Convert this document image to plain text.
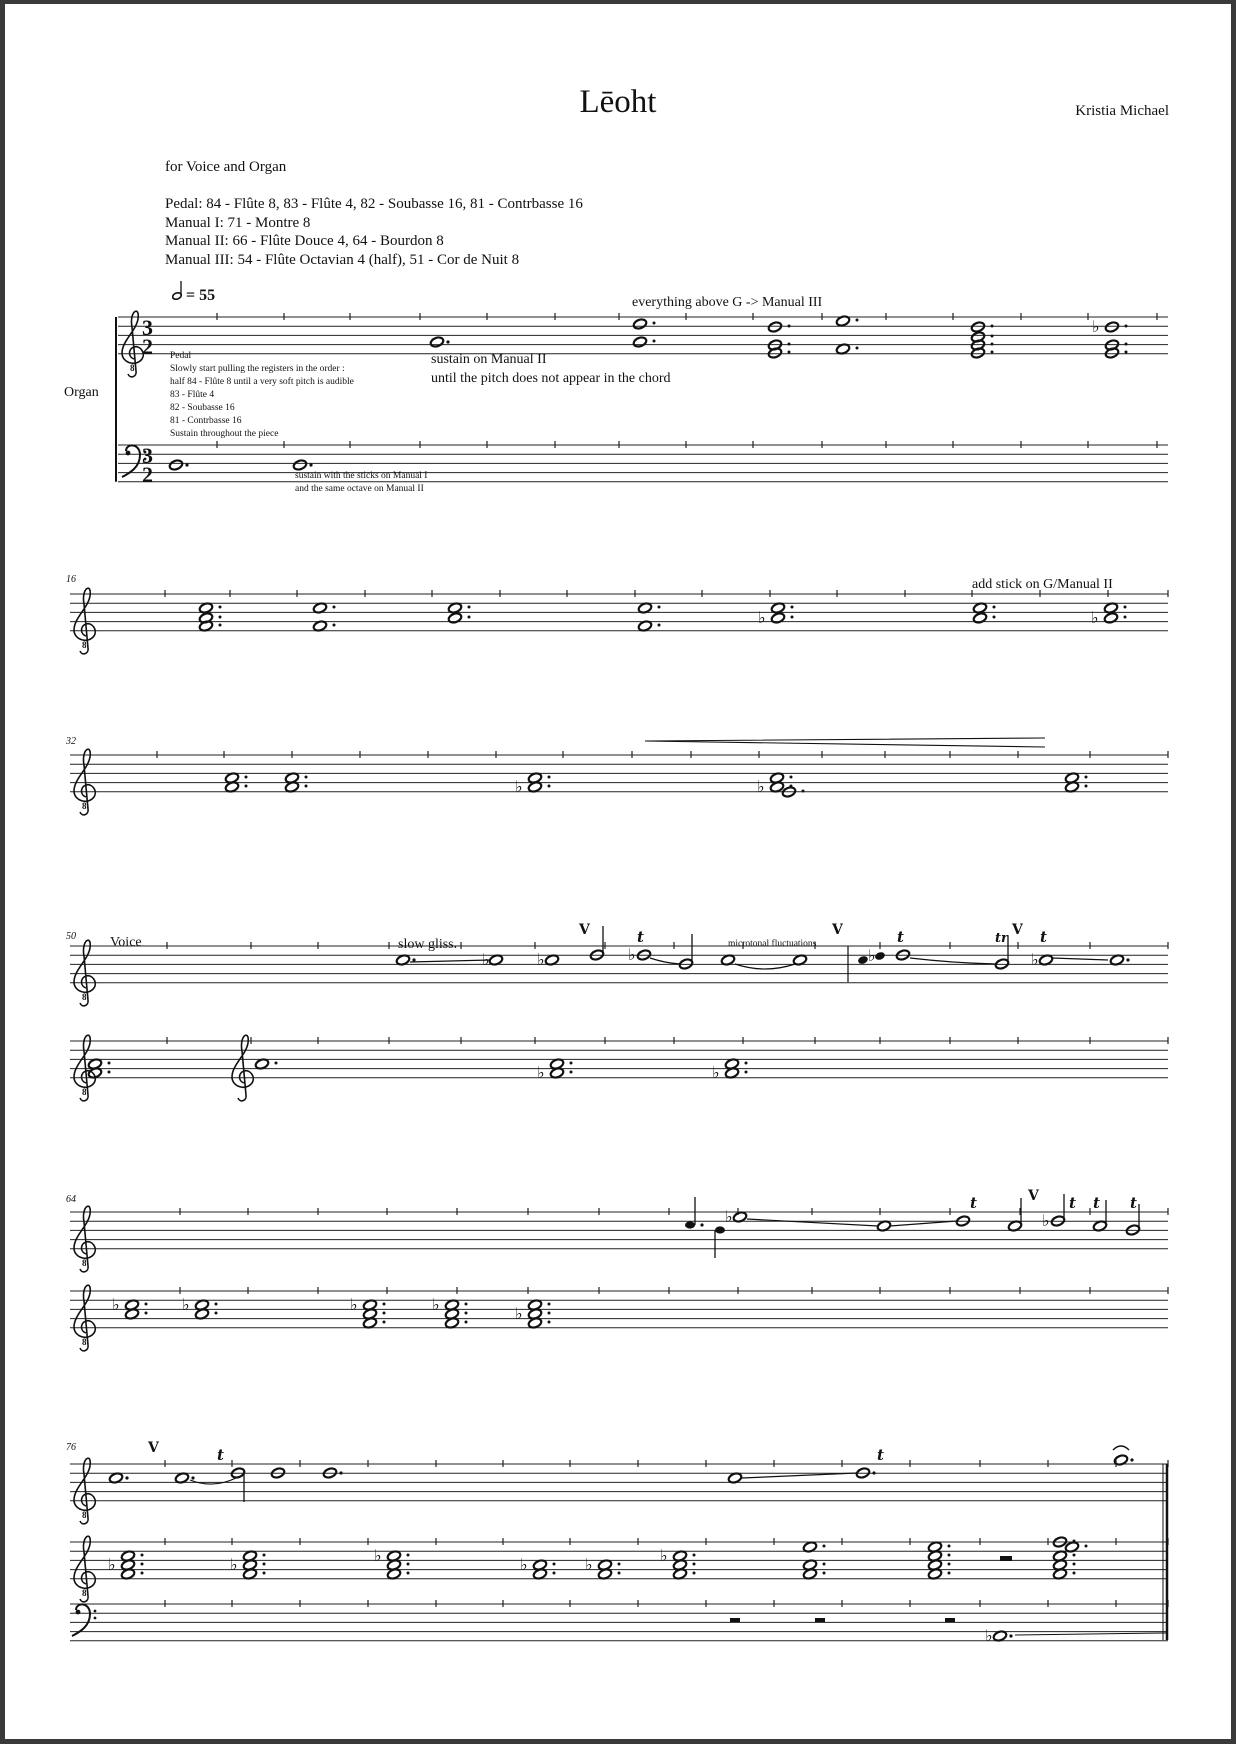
Lēoht	Kristia Michael
for Voice and Organ
Pedal: 84 - Flûte 8, 83 - Flûte 4, 82 - Soubasse 16, 81 - Contrbasse 16
Manual I: 71 - Montre 8
Manual II: 66 - Flûte Douce 4, 64 - Bourdon 8
Manual III: 54 - Flûte Octavian 4 (half), 51 - Cor de Nuit 8
8
3
2
3
2
♭
8
♭	♭
8
♭	♭
8
8
♭	♭	♭	♭	♭
V	t	V	t	tr
V t
♭	♭
8
8
♭	♭
t	V t t t
♭	♭	♭	♭	♭
8
8
V	t	t
♭	♭	♭	♭	♭	♭
♭
= 55
Organ
everything above G -> Manual III
sustain on Manual II
until the pitch does not appear in the chord
Pedal
Slowly start pulling the registers in the order :
half 84 - Flûte 8 until a very soft pitch is audible
83 - Flûte 4
82 - Soubasse 16
81 - Contrbasse 16
Sustain throughout the piece
sustain with the sticks on Manual I
and the same octave on Manual II
16
32
50
64
76
add stick on G/Manual II
Voice	slow gliss.	microtonal fluctuations
